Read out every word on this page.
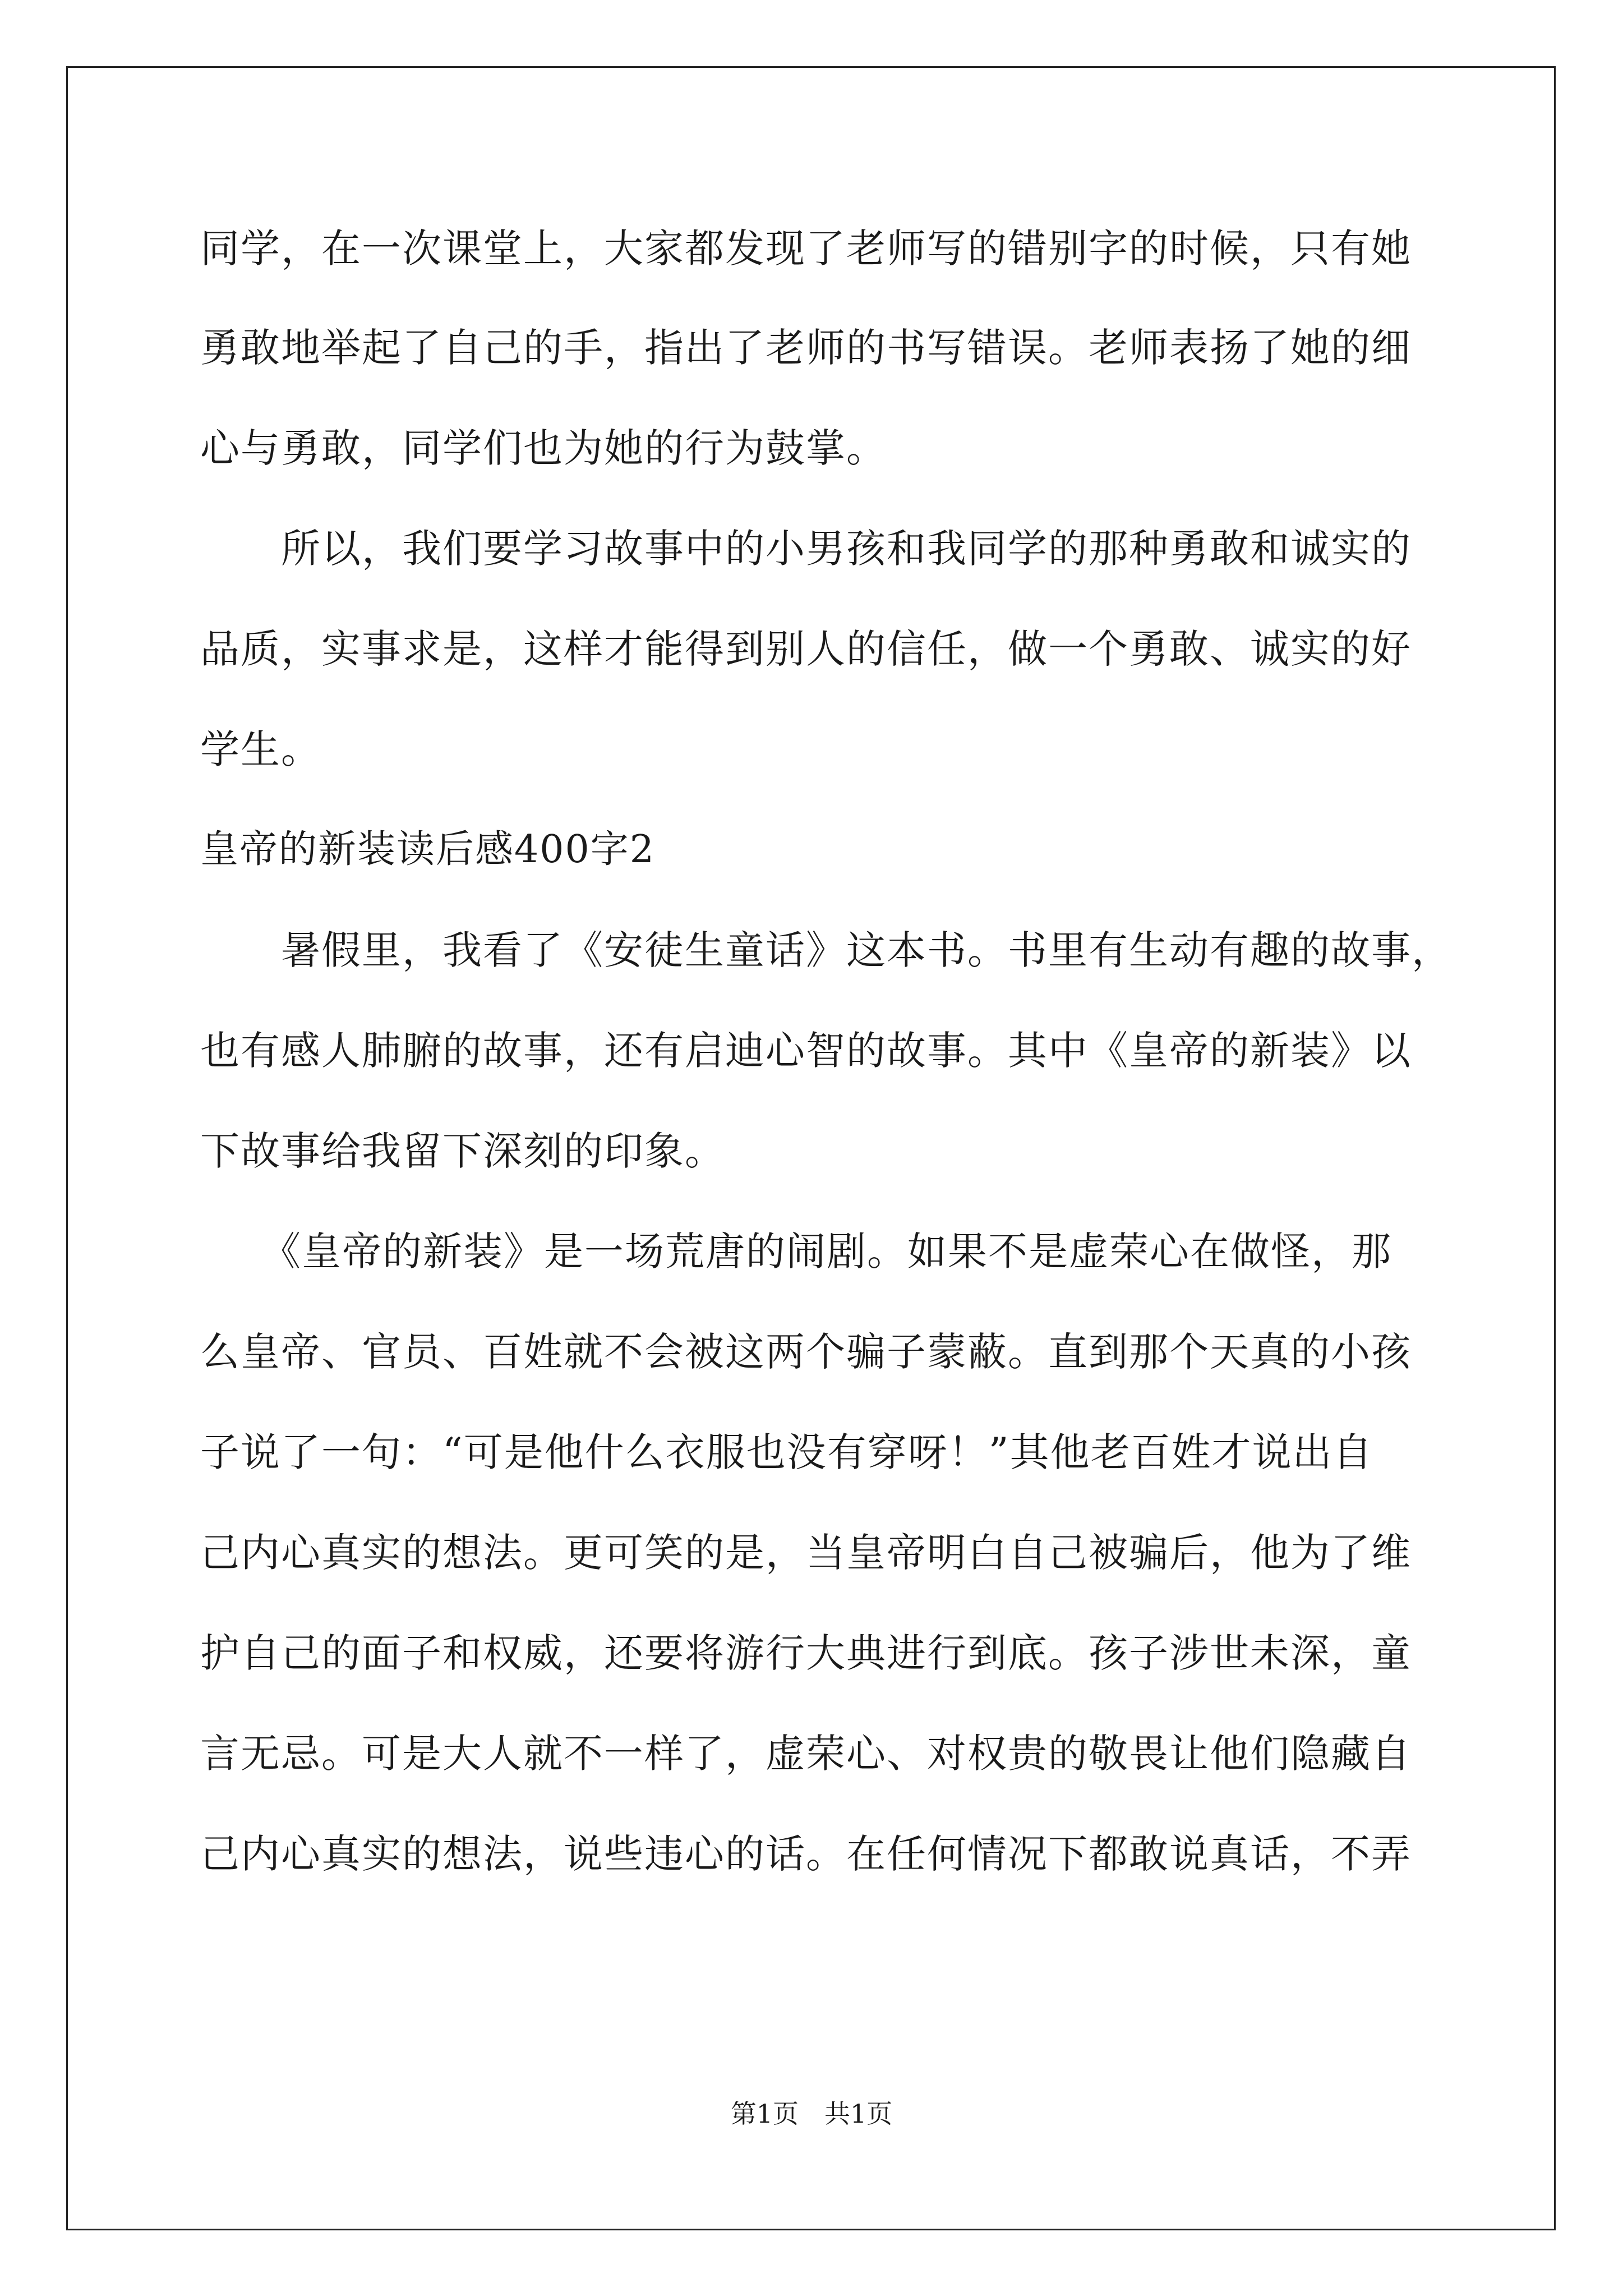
同学，在一次课堂上，大家都发现了老师写的错别字的时候，只有她
勇敢地举起了自己的手，指出了老师的书写错误。老师表扬了她的细
心与勇敢，同学们也为她的行为鼓掌。
　　所以，我们要学习故事中的小男孩和我同学的那种勇敢和诚实的
品质，实事求是，这样才能得到别人的信任，做一个勇敢、诚实的好
学生。
皇帝的新装读后感400字2
　　暑假里，我看了《安徒生童话》这本书。书里有生动有趣的故事，
也有感人肺腑的故事，还有启迪心智的故事。其中《皇帝的新装》以
下故事给我留下深刻的印象。
　　《皇帝的新装》是一场荒唐的闹剧。如果不是虚荣心在做怪，那
么皇帝、官员、百姓就不会被这两个骗子蒙蔽。直到那个天真的小孩
子说了一句：“可是他什么衣服也没有穿呀！”其他老百姓才说出自
己内心真实的想法。更可笑的是，当皇帝明白自己被骗后，他为了维
护自己的面子和权威，还要将游行大典进行到底。孩子涉世未深，童
言无忌。可是大人就不一样了，虚荣心、对权贵的敬畏让他们隐藏自
己内心真实的想法，说些违心的话。在任何情况下都敢说真话，不弄
第1页　共1页
